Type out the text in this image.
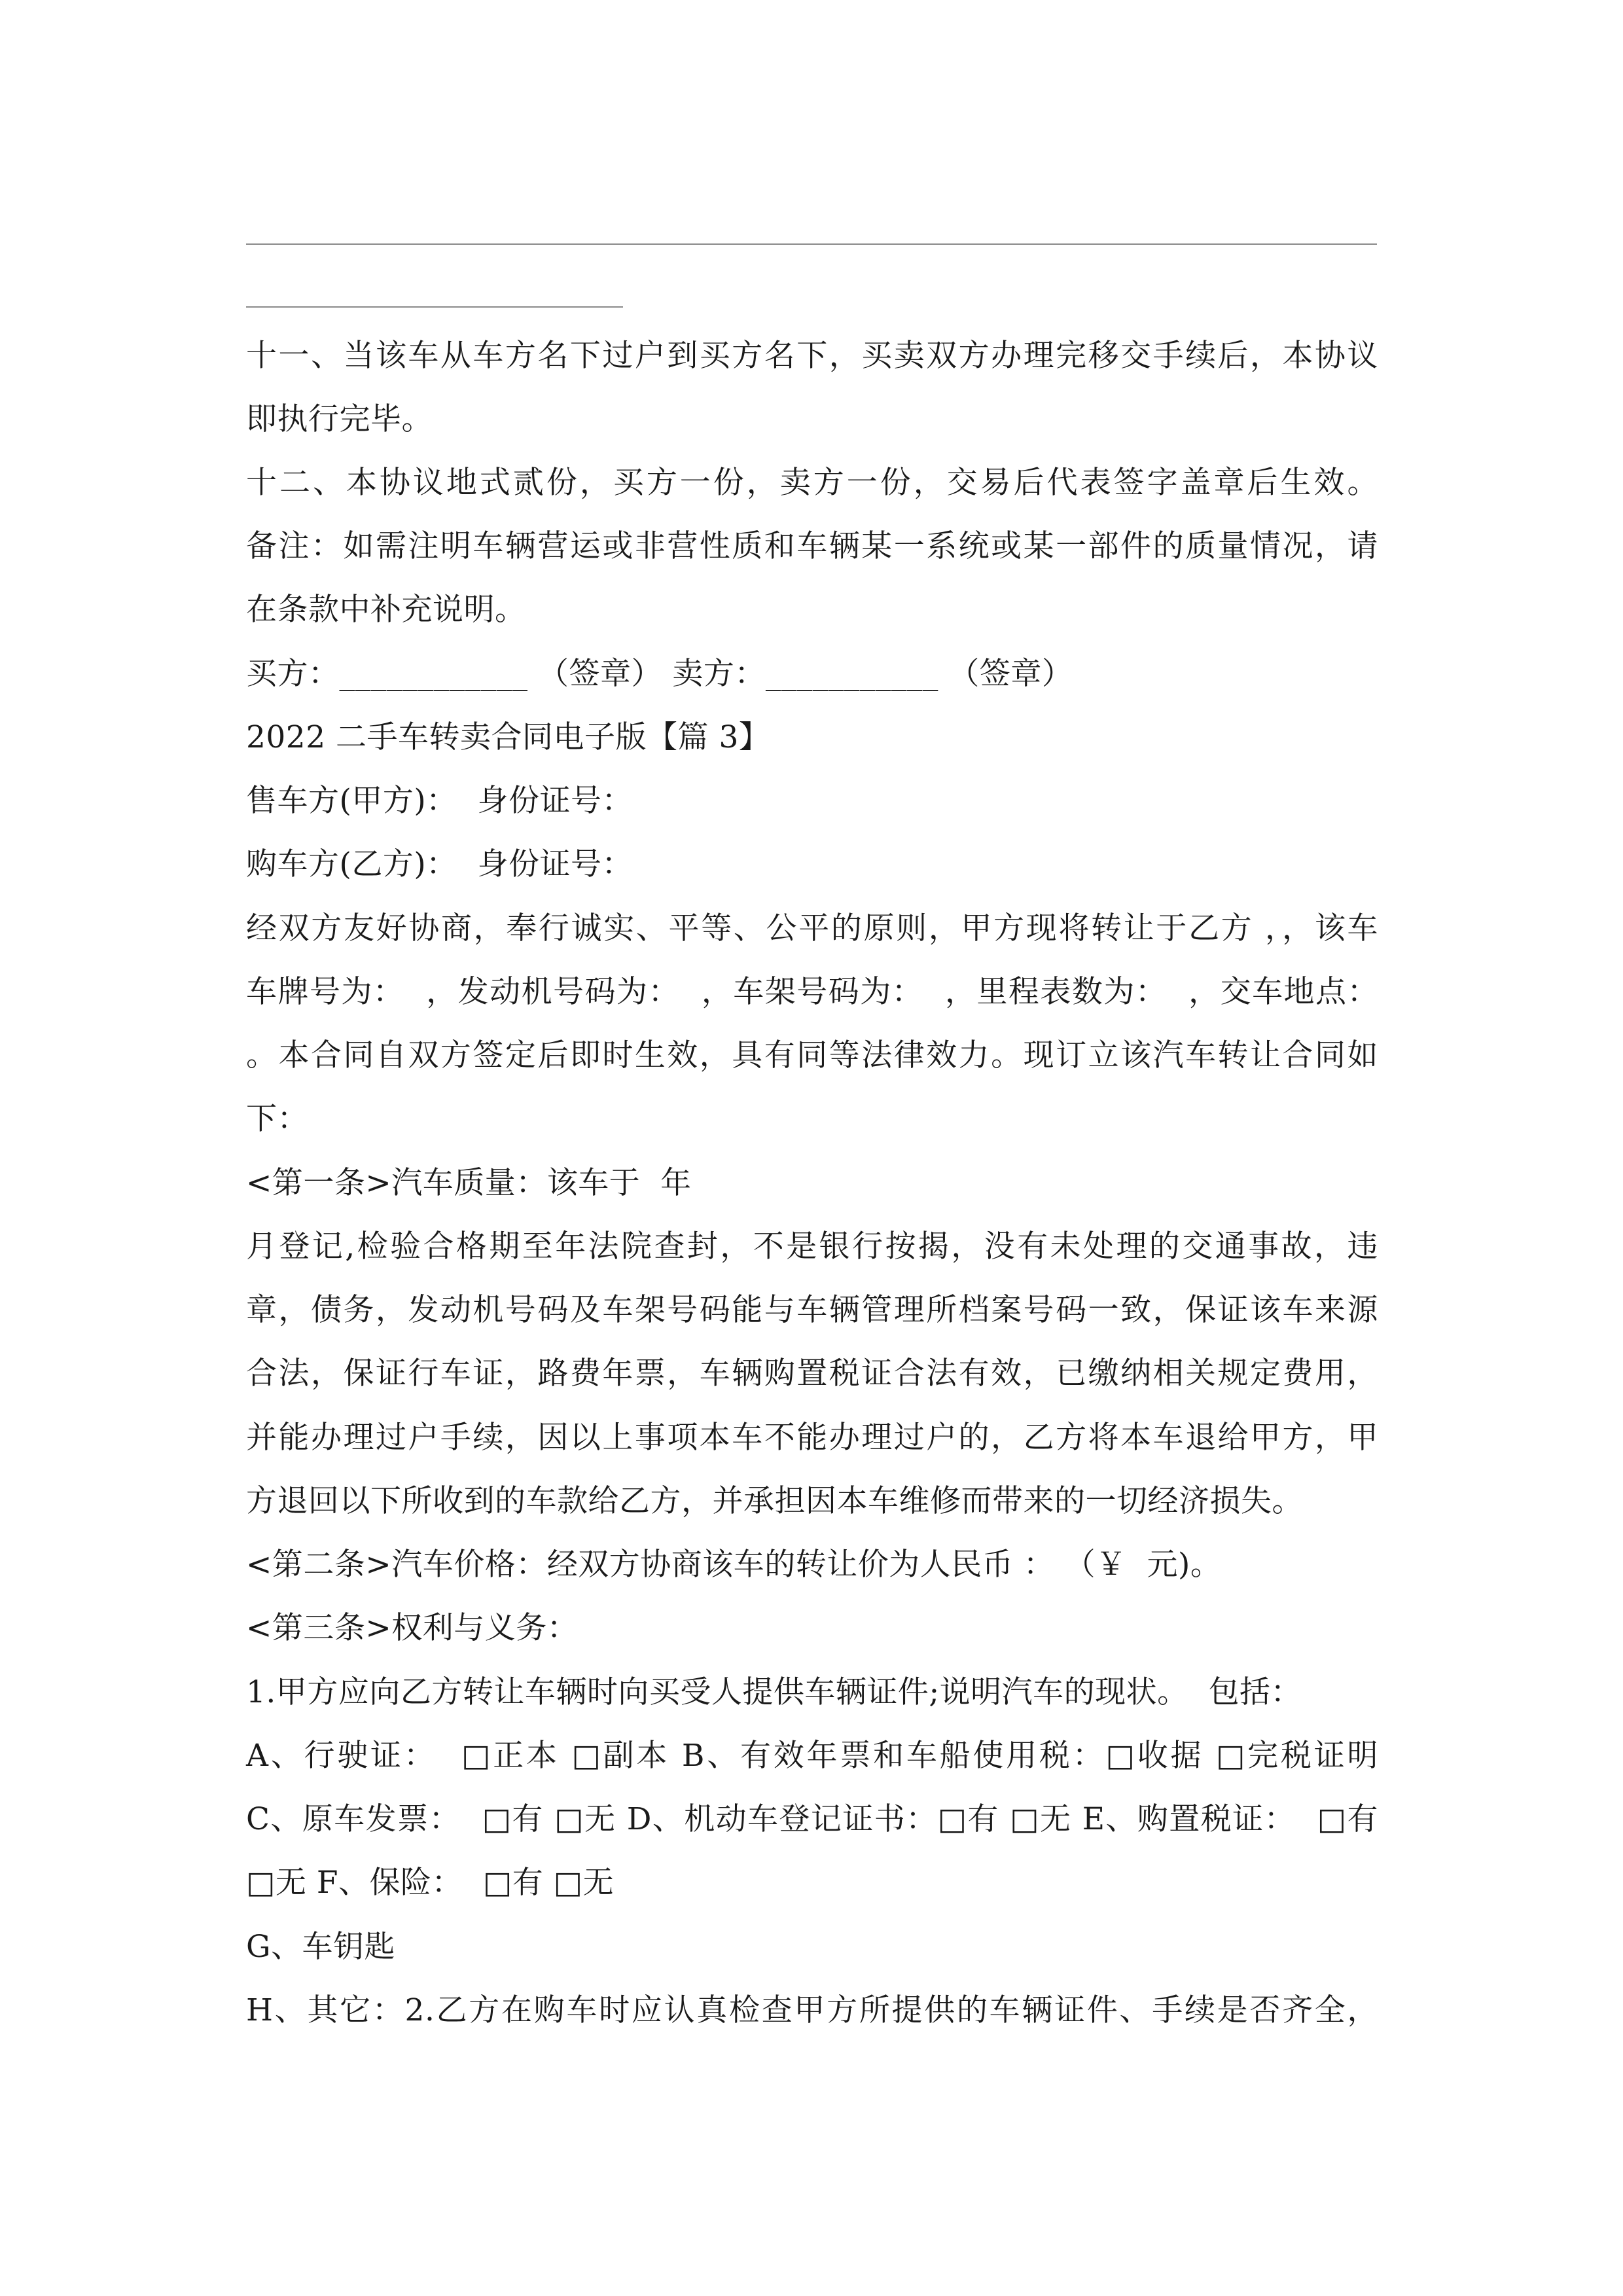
十一、当该车从车方名下过户到买方名下，买卖双方办理完移交手续后，本协议
即执行完毕。
十二、本协议地式贰份，买方一份，卖方一份，交易后代表签字盖章后生效。
备注：如需注明车辆营运或非营性质和车辆某一系统或某一部件的质量情况，请
在条款中补充说明。
买方：____________ （签章） 卖方：___________ （签章）
2022 二手车转卖合同电子版【篇 3】
售车方(甲方)：  身份证号：
购车方(乙方)：  身份证号：
经双方友好协商，奉行诚实、平等、公平的原则，甲方现将转让于乙方 ，，该车
车牌号为：  ，发动机号码为：  ，车架号码为：  ，里程表数为：  ，交车地点：
。本合同自双方签定后即时生效，具有同等法律效力。现订立该汽车转让合同如
下：
<第一条>汽车质量：该车于  年
月登记,检验合格期至年法院查封，不是银行按揭，没有未处理的交通事故，违
章，债务，发动机号码及车架号码能与车辆管理所档案号码一致，保证该车来源
合法，保证行车证，路费年票，车辆购置税证合法有效，已缴纳相关规定费用，
并能办理过户手续，因以上事项本车不能办理过户的，乙方将本车退给甲方，甲
方退回以下所收到的车款给乙方，并承担因本车维修而带来的一切经济损失。
<第二条>汽车价格：经双方协商该车的转让价为人民币 ： （￥  元)。
<第三条>权利与义务：
1.甲方应向乙方转让车辆时向买受人提供车辆证件;说明汽车的现状。  包括：
A、行驶证：  □正本 □副本 B、有效年票和车船使用税：□收据 □完税证明
C、原车发票：  □有 □无 D、机动车登记证书：□有 □无 E、购置税证：  □有
□无 F、保险：  □有 □无
G、车钥匙
H、其它：2.乙方在购车时应认真检查甲方所提供的车辆证件、手续是否齐全，
